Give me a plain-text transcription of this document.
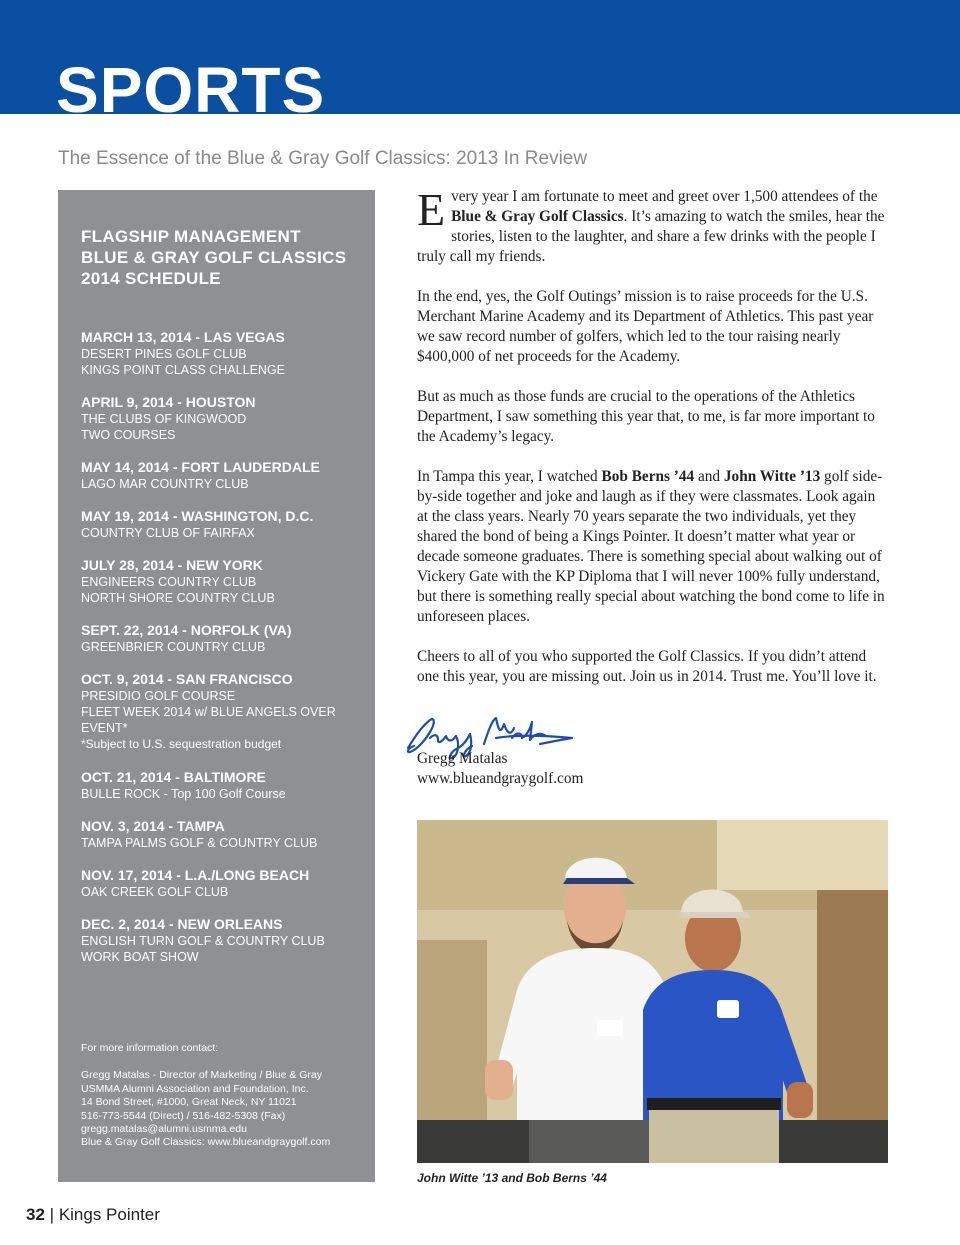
SPORTS
The Essence of the Blue & Gray Golf Classics: 2013 In Review
FLAGSHIP MANAGEMENT
BLUE & GRAY GOLF CLASSICS
2014 SCHEDULE
MARCH 13, 2014 - LAS VEGAS
DESERT PINES GOLF CLUB
KINGS POINT CLASS CHALLENGE
APRIL 9, 2014 - HOUSTON
THE CLUBS OF KINGWOOD
TWO COURSES
MAY 14, 2014 - FORT LAUDERDALE
LAGO MAR COUNTRY CLUB
MAY 19, 2014 - WASHINGTON, D.C.
COUNTRY CLUB OF FAIRFAX
JULY 28, 2014 - NEW YORK
ENGINEERS COUNTRY CLUB
NORTH SHORE COUNTRY CLUB
SEPT. 22, 2014 - NORFOLK (VA)
GREENBRIER COUNTRY CLUB
OCT. 9, 2014 - SAN FRANCISCO
PRESIDIO GOLF COURSE
FLEET WEEK 2014 w/ BLUE ANGELS OVER
EVENT*
*Subject to U.S. sequestration budget
OCT. 21, 2014 - BALTIMORE
BULLE ROCK - Top 100 Golf Course
NOV. 3, 2014 - TAMPA
TAMPA PALMS GOLF & COUNTRY CLUB
NOV. 17, 2014 - L.A./LONG BEACH
OAK CREEK GOLF CLUB
DEC. 2, 2014 - NEW ORLEANS
ENGLISH TURN GOLF & COUNTRY CLUB
WORK BOAT SHOW
For more information contact:
Gregg Matalas - Director of Marketing / Blue & Gray
USMMA Alumni Association and Foundation, Inc.
14 Bond Street, #1000, Great Neck, NY 11021
516-773-5544 (Direct) / 516-482-5308 (Fax)
gregg.matalas@alumni.usmma.edu
Blue & Gray Golf Classics: www.blueandgraygolf.com

Every year I am fortunate to meet and greet over 1,500 attendees of the Blue & Gray Golf Classics. It’s amazing to watch the smiles, hear the stories, listen to the laughter, and share a few drinks with the people I truly call my friends.

In the end, yes, the Golf Outings’ mission is to raise proceeds for the U.S. Merchant Marine Academy and its Department of Athletics. This past year we saw record number of golfers, which led to the tour raising nearly $400,000 of net proceeds for the Academy.

But as much as those funds are crucial to the operations of the Athletics Department, I saw something this year that, to me, is far more important to the Academy’s legacy.

In Tampa this year, I watched Bob Berns ’44 and John Witte ’13 golf side-by-side together and joke and laugh as if they were classmates. Look again at the class years. Nearly 70 years separate the two individuals, yet they shared the bond of being a Kings Pointer. It doesn’t matter what year or decade someone graduates. There is something special about walking out of Vickery Gate with the KP Diploma that I will never 100% fully understand, but there is something really special about watching the bond come to life in unforeseen places.

Cheers to all of you who supported the Golf Classics. If you didn’t attend one this year, you are missing out. Join us in 2014. Trust me. You’ll love it.

Gregg Matalas
www.blueandgraygolf.com
John Witte ’13 and Bob Berns ’44
32 | Kings Pointer
